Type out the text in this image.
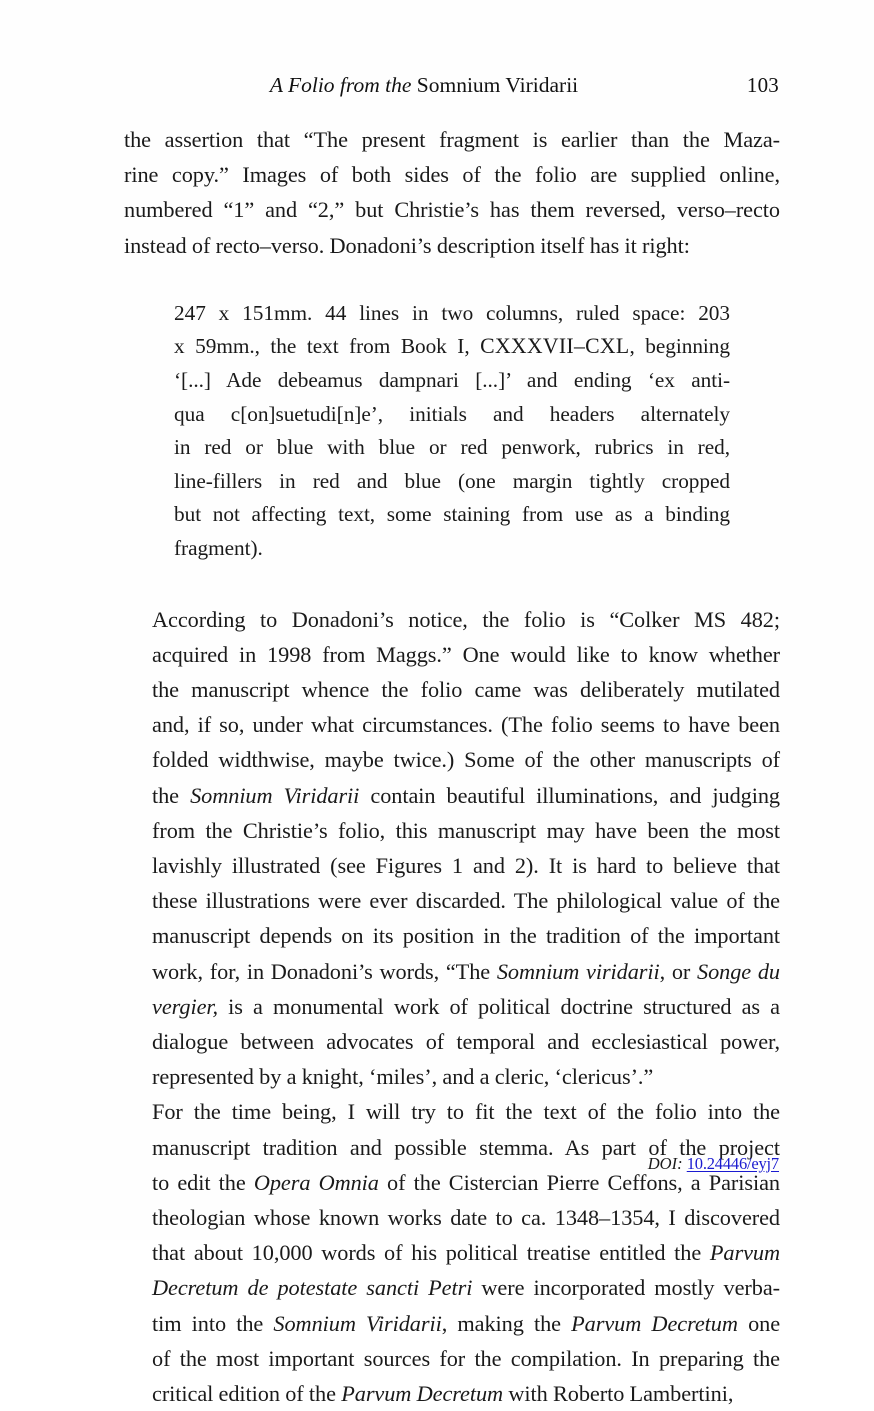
A Folio from the Somnium Viridarii	103

the assertion that “The present fragment is earlier than the Maza-
rine copy.” Images of both sides of the folio are supplied online,
numbered “1” and “2,” but Christie’s has them reversed, verso–recto
instead of recto–verso. Donadoni’s description itself has it right:

247 x 151mm. 44 lines in two columns, ruled space: 203
x 59mm., the text from Book I, CXXXVII–CXL, beginning
‘[...] Ade debeamus dampnari [...]’ and ending ‘ex anti-
qua c[on]suetudi[n]e’, initials and headers alternately
in red or blue with blue or red penwork, rubrics in red,
line-fillers in red and blue (one margin tightly cropped
but not affecting text, some staining from use as a binding
fragment).

According to Donadoni’s notice, the folio is “Colker MS 482;
acquired in 1998 from Maggs.” One would like to know whether
the manuscript whence the folio came was deliberately mutilated
and, if so, under what circumstances. (The folio seems to have been
folded widthwise, maybe twice.) Some of the other manuscripts of
the Somnium Viridarii contain beautiful illuminations, and judging
from the Christie’s folio, this manuscript may have been the most
lavishly illustrated (see Figures 1 and 2). It is hard to believe that
these illustrations were ever discarded. The philological value of the
manuscript depends on its position in the tradition of the important
work, for, in Donadoni’s words, “The Somnium viridarii, or Songe du
vergier, is a monumental work of political doctrine structured as a
dialogue between advocates of temporal and ecclesiastical power,
represented by a knight, ‘miles’, and a cleric, ‘clericus’.”

For the time being, I will try to fit the text of the folio into the
manuscript tradition and possible stemma. As part of the project
to edit the Opera Omnia of the Cistercian Pierre Ceffons, a Parisian
theologian whose known works date to ca. 1348–1354, I discovered
that about 10,000 words of his political treatise entitled the Parvum
Decretum de potestate sancti Petri were incorporated mostly verba-
tim into the Somnium Viridarii, making the Parvum Decretum one
of the most important sources for the compilation. In preparing the
critical edition of the Parvum Decretum with Roberto Lambertini,

DOI: 10.24446/eyj7
